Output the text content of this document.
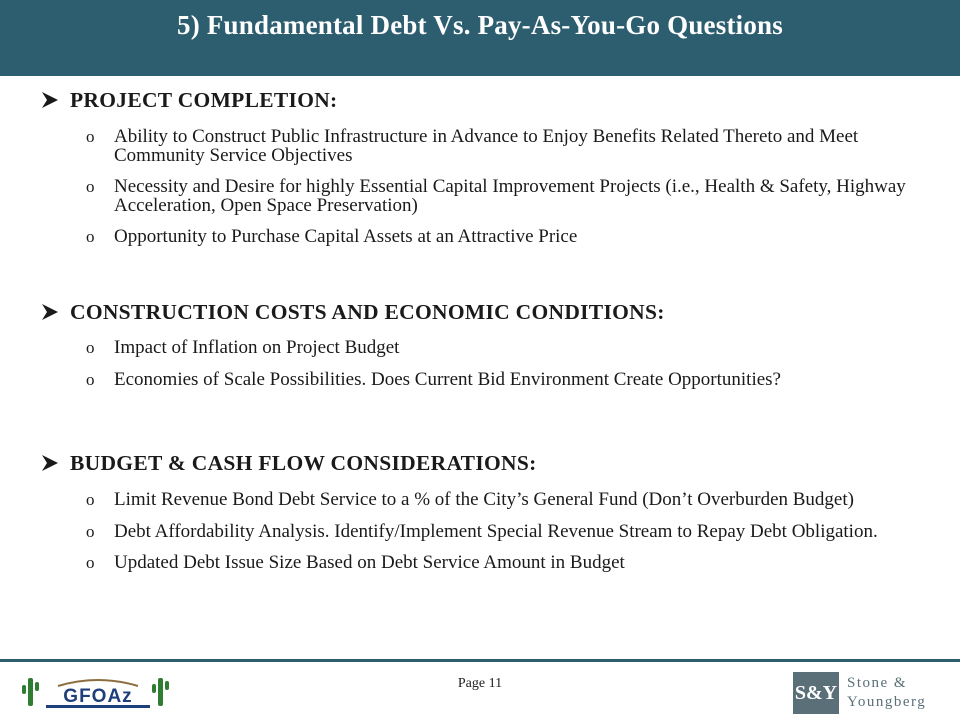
5) Fundamental Debt Vs. Pay-As-You-Go Questions
PROJECT COMPLETION:
o Ability to Construct Public Infrastructure in Advance to Enjoy Benefits Related Thereto and Meet Community Service Objectives
o Necessity and Desire for highly Essential Capital Improvement Projects (i.e., Health & Safety, Highway Acceleration, Open Space Preservation)
o Opportunity to Purchase Capital Assets at an Attractive Price
CONSTRUCTION COSTS AND ECONOMIC CONDITIONS:
o Impact of Inflation on Project Budget
o Economies of Scale Possibilities. Does Current Bid Environment Create Opportunities?
BUDGET & CASH FLOW CONSIDERATIONS:
o Limit Revenue Bond Debt Service to a % of the City’s General Fund (Don’t Overburden Budget)
o Debt Affordability Analysis. Identify/Implement Special Revenue Stream to Repay Debt Obligation.
o Updated Debt Issue Size Based on Debt Service Amount in Budget
GFOAz
Page 11	S&Y Stone &
Youngberg
